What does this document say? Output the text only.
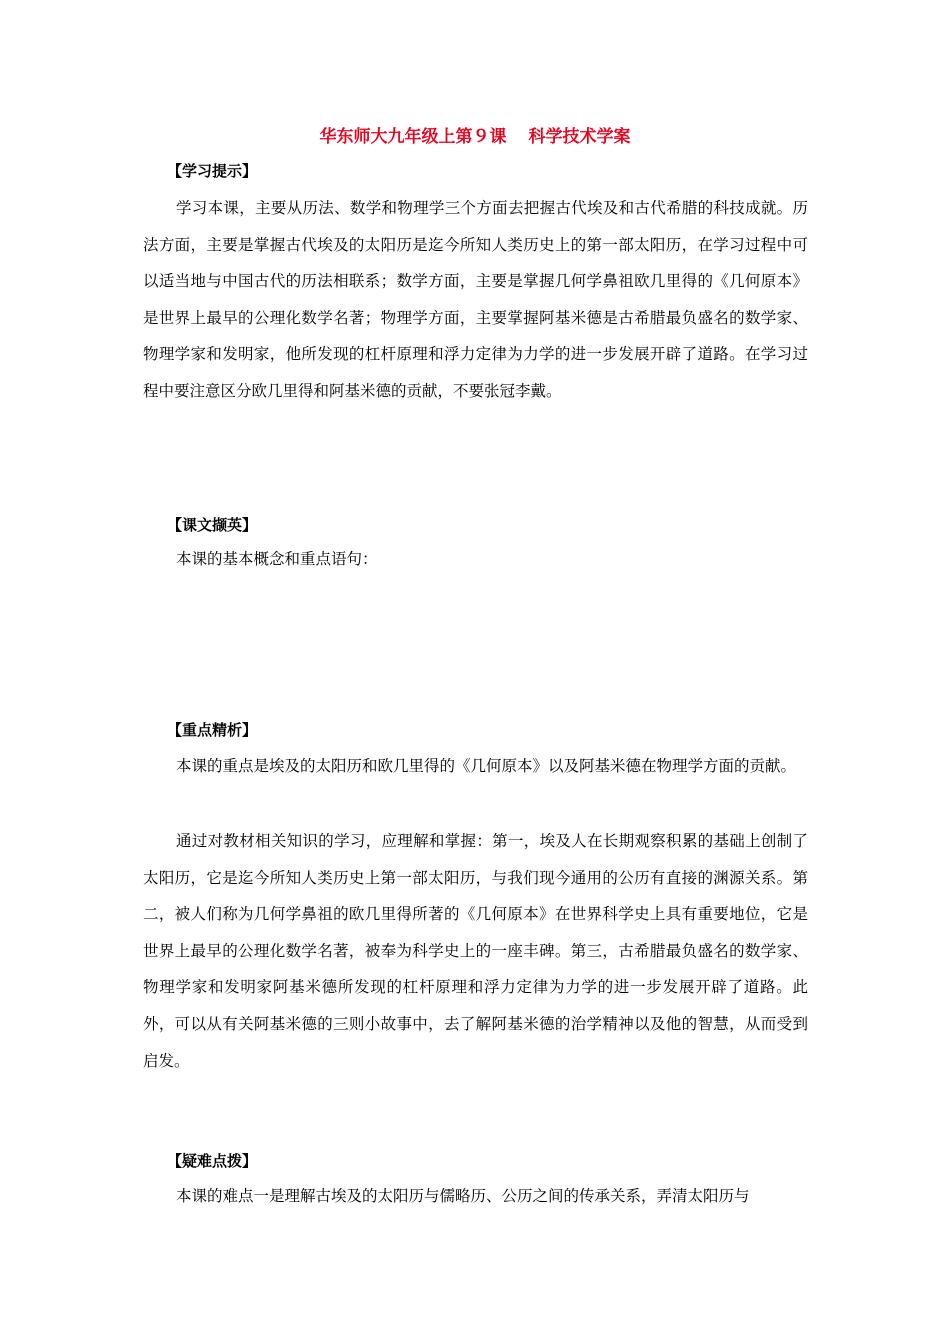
华东师大九年级上第９课 科学技术学案
【学习提示】

学习本课，主要从历法、数学和物理学三个方面去把握古代埃及和古代希腊的科技成就。历法方面，主要是掌握古代埃及的太阳历是迄今所知人类历史上的第一部太阳历，在学习过程中可以适当地与中国古代的历法相联系；数学方面，主要是掌握几何学鼻祖欧几里得的《几何原本》是世界上最早的公理化数学名著；物理学方面，主要掌握阿基米德是古希腊最负盛名的数学家、物理学家和发明家，他所发现的杠杆原理和浮力定律为力学的进一步发展开辟了道路。在学习过程中要注意区分欧几里得和阿基米德的贡献，不要张冠李戴。

【课文撷英】

本课的基本概念和重点语句：

【重点精析】

本课的重点是埃及的太阳历和欧几里得的《几何原本》以及阿基米德在物理学方面的贡献。

通过对教材相关知识的学习，应理解和掌握：第一，埃及人在长期观察积累的基础上创制了太阳历，它是迄今所知人类历史上第一部太阳历，与我们现今通用的公历有直接的渊源关系。第二，被人们称为几何学鼻祖的欧几里得所著的《几何原本》在世界科学史上具有重要地位，它是世界上最早的公理化数学名著，被奉为科学史上的一座丰碑。第三，古希腊最负盛名的数学家、物理学家和发明家阿基米德所发现的杠杆原理和浮力定律为力学的进一步发展开辟了道路。此外，可以从有关阿基米德的三则小故事中，去了解阿基米德的治学精神以及他的智慧，从而受到启发。

【疑难点拨】

本课的难点一是理解古埃及的太阳历与儒略历、公历之间的传承关系，弄清太阳历与
